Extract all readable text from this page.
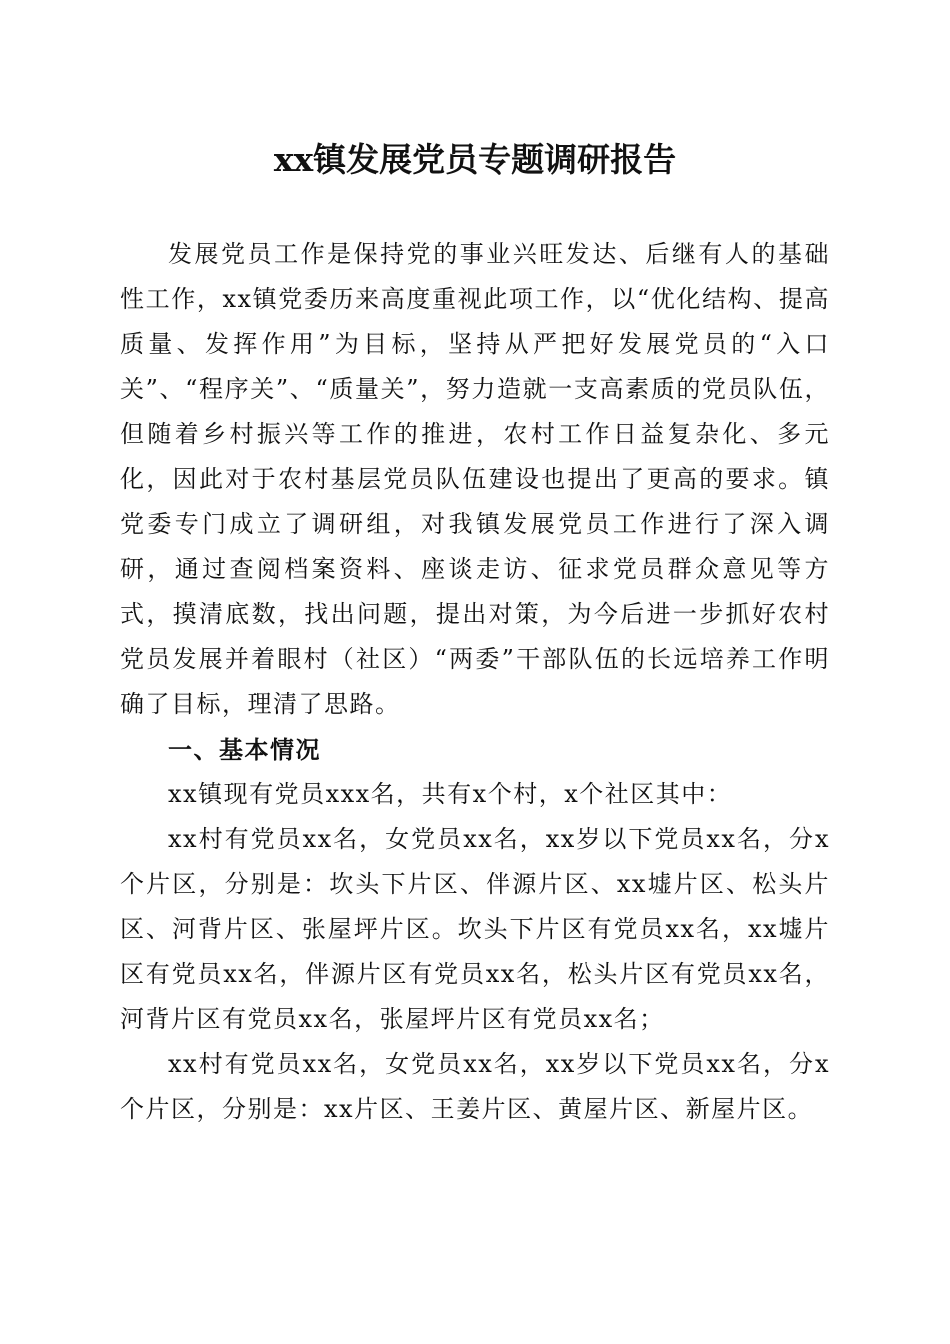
xx镇发展党员专题调研报告

发展党员工作是保持党的事业兴旺发达、后继有人的基础性工作，xx镇党委历来高度重视此项工作，以“优化结构、提高质量、发挥作用”为目标，坚持从严把好发展党员的“入口关”、“程序关”、“质量关”，努力造就一支高素质的党员队伍，但随着乡村振兴等工作的推进，农村工作日益复杂化、多元化，因此对于农村基层党员队伍建设也提出了更高的要求。镇党委专门成立了调研组，对我镇发展党员工作进行了深入调研，通过查阅档案资料、座谈走访、征求党员群众意见等方式，摸清底数，找出问题，提出对策，为今后进一步抓好农村党员发展并着眼村（社区）“两委”干部队伍的长远培养工作明确了目标，理清了思路。

一、基本情况

xx镇现有党员xxx名，共有x个村，x个社区其中：

xx村有党员xx名，女党员xx名，xx岁以下党员xx名，分x个片区，分别是：坎头下片区、伴源片区、xx墟片区、松头片区、河背片区、张屋坪片区。坎头下片区有党员xx名，xx墟片区有党员xx名，伴源片区有党员xx名，松头片区有党员xx名，河背片区有党员xx名，张屋坪片区有党员xx名；

xx村有党员xx名，女党员xx名，xx岁以下党员xx名，分x个片区，分别是：xx片区、王姜片区、黄屋片区、新屋片区。
